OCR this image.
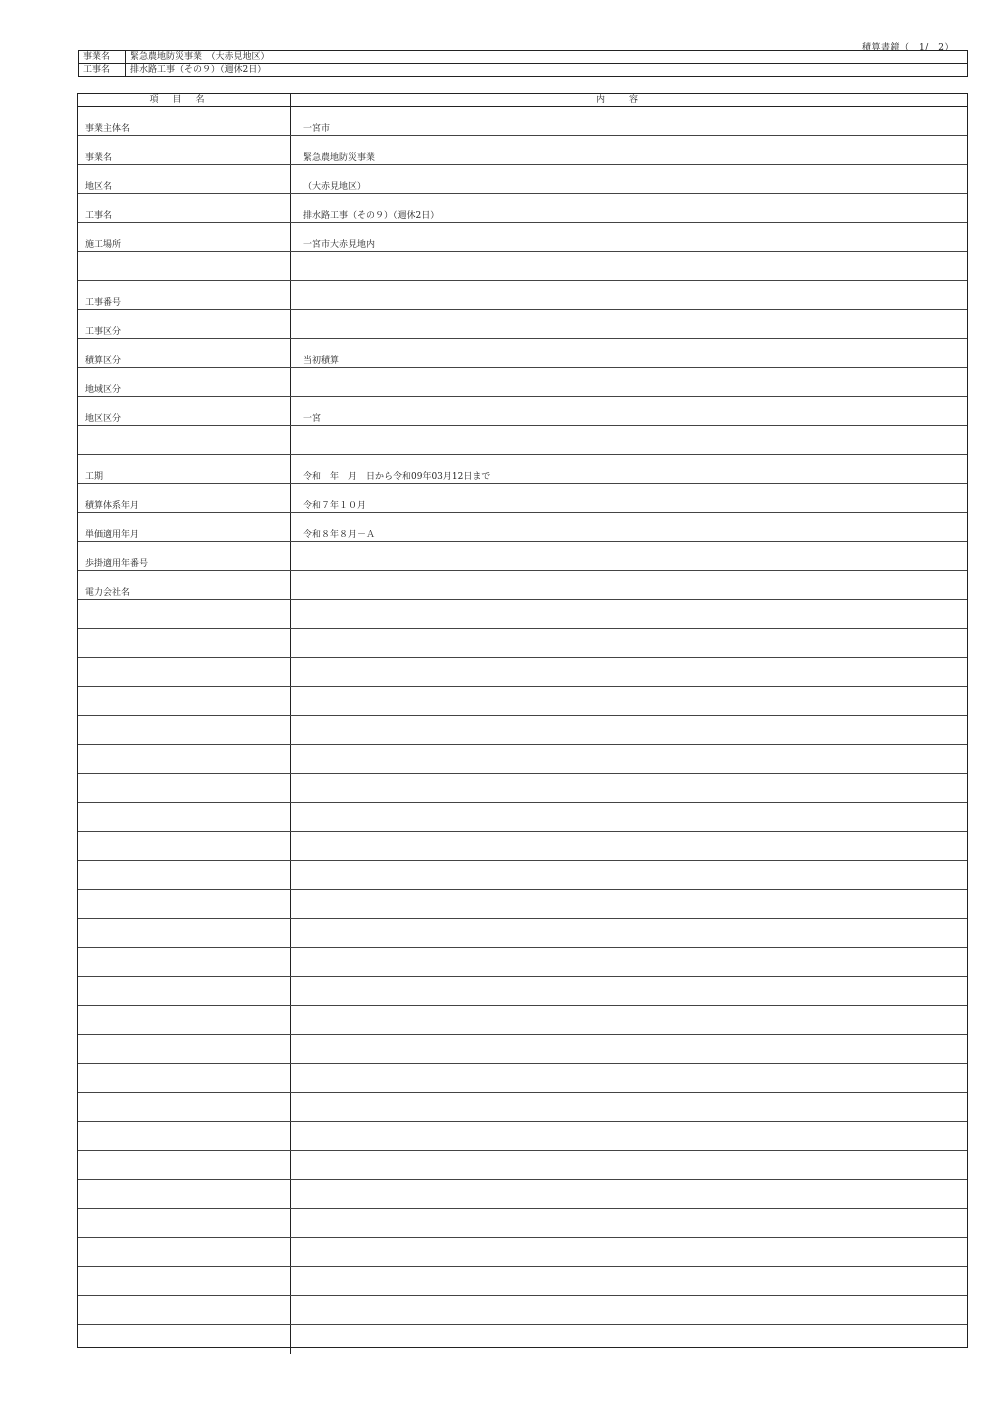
積算書鏡（　1/　2）
事業名	緊急農地防災事業　（大赤見地区）
工事名	排水路工事（その９）（週休2日）
項目名	内容
事業主体名	一宮市
事業名	緊急農地防災事業
地区名	（大赤見地区）
工事名	排水路工事（その９）（週休2日）
施工場所	一宮市大赤見地内
工事番号
工事区分
積算区分	当初積算
地域区分
地区区分	一宮
工期	令和　年　月　日から令和09年03月12日まで
積算体系年月	令和７年１０月
単価適用年月	令和８年８月－Ａ
歩掛適用年番号
電力会社名
